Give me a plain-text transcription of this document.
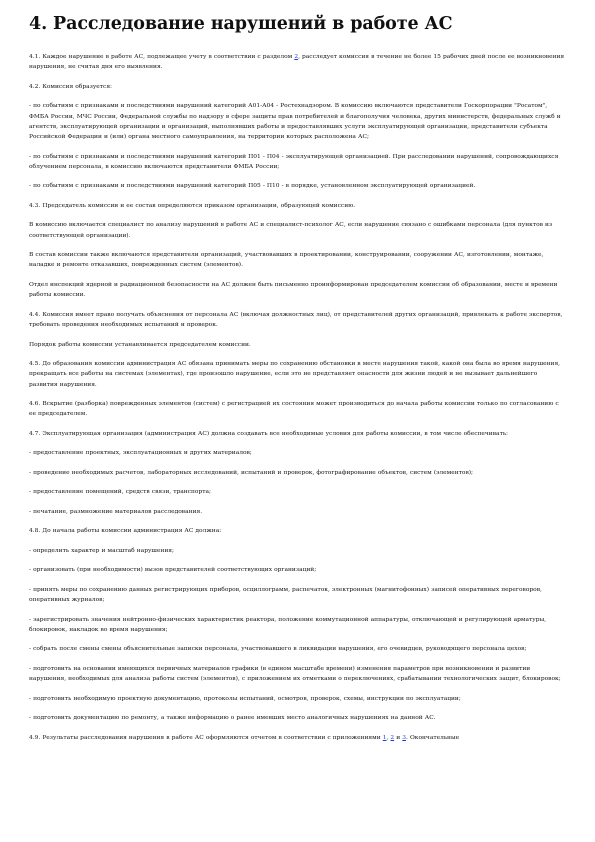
4. Расследование нарушений в работе АС
4.1. Каждое нарушение в работе АС, подлежащее учету в соответствии с разделом 2, расследует комиссия в течение не более 15 рабочих дней после ее возникновения нарушения, не считая дня его выявления.
4.2. Комиссия образуется:
- по событиям с признаками и последствиями нарушений категорий А01-А04 - Ростехнадзором. В комиссию включаются представители Госкорпорации "Росатом", ФМБА России, МЧС России, Федеральной службы по надзору в сфере защиты прав потребителей и благополучия человека, других министерств, федеральных служб и агентств, эксплуатирующей организации и организаций, выполнявших работы и предоставлявших услуги эксплуатирующей организации, представители субъекта Российской Федерации и (или) органа местного самоуправления, на территории которых расположена АС;
- по событиям с признаками и последствиями нарушений категорий П01 - П04 - эксплуатирующей организацией. При расследовании нарушений, сопровождающихся облучением персонала, в комиссию включаются представители ФМБА России;
- по событиям с признаками и последствиями нарушений категорий П05 - П10 - в порядке, установленном эксплуатирующей организацией.
4.3. Председатель комиссии и ее состав определяются приказом организации, образующей комиссию.
В комиссию включается специалист по анализу нарушений в работе АС и специалист-психолог АС, если нарушение связано с ошибками персонала (для пунктов из соответствующей организации).
В состав комиссии также включаются представители организаций, участвовавших в проектировании, конструировании, сооружении АС, изготовлении, монтаже, наладке и ремонте отказавших, поврежденных систем (элементов).
Отдел инспекций ядерной и радиационной безопасности на АС должен быть письменно проинформирован председателем комиссии об образовании, месте и времени работы комиссии.
4.4. Комиссия имеет право получать объяснения от персонала АС (включая должностных лиц), от представителей других организаций, привлекать к работе экспертов, требовать проведения необходимых испытаний и проверок.
Порядок работы комиссии устанавливается председателем комиссии.
4.5. До образования комиссии администрация АС обязана принимать меры по сохранению обстановки в месте нарушения такой, какой она была во время нарушения, прекращать все работы на системах (элементах), где произошло нарушение, если это не представляет опасности для жизни людей и не вызывает дальнейшего развития нарушения.
4.6. Вскрытие (разборка) поврежденных элементов (систем) с регистрацией их состояния может производиться до начала работы комиссии только по согласованию с ее председателем.
4.7. Эксплуатирующая организация (администрация АС) должна создавать все необходимые условия для работы комиссии, в том числе обеспечивать:
- предоставление проектных, эксплуатационных и других материалов;
- проведение необходимых расчетов, лабораторных исследований, испытаний и проверок, фотографирование объектов, систем (элементов);
- предоставление помещений, средств связи, транспорта;
- печатание, размножение материалов расследования.
4.8. До начала работы комиссии администрация АС должна:
- определить характер и масштаб нарушения;
- организовать (при необходимости) вызов представителей соответствующих организаций;
- принять меры по сохранению данных регистрирующих приборов, осциллограмм, распечаток, электронных (магнитофонных) записей оперативных переговоров, оперативных журналов;
- зарегистрировать значения нейтронно-физических характеристик реактора, положение коммутационной аппаратуры, отключающей и регулирующей арматуры, блокировок, накладок во время нарушения;
- собрать после смены смены объяснительные записки персонала, участвовавшего в ликвидации нарушения, его очевидцев, руководящего персонала цехов;
- подготовить на основании имеющихся первичных материалов графики (в едином масштабе времени) изменения параметров при возникновении и развитии нарушения, необходимых для анализа работы систем (элементов), с приложением их отметками о переключениях, срабатывании технологических защит, блокировок;
- подготовить необходимую проектную документацию, протоколы испытаний, осмотров, проверок, схемы, инструкции по эксплуатации;
- подготовить документацию по ремонту, а также информацию о ранее имевших место аналогичных нарушениях на данной АС.
4.9. Результаты расследования нарушения в работе АС оформляются отчетом в соответствии с приложениями 1, 2 и 3. Окончательные
